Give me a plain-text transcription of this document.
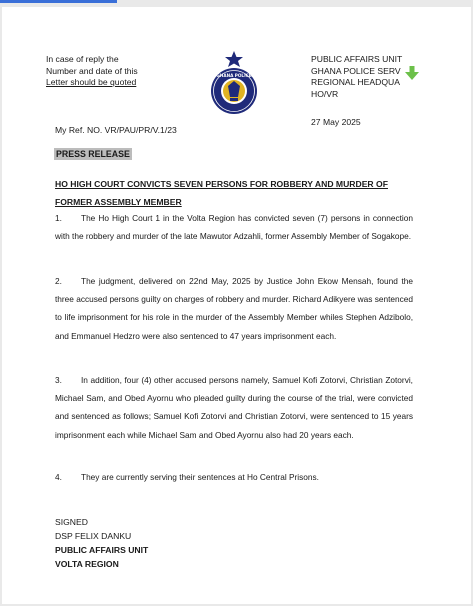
In case of reply the
Number and date of this
Letter should be quoted
GHANA POLICE
PUBLIC AFFAIRS UNIT
GHANA POLICE SERV
REGIONAL HEADQUA
HO/VR
27 May 2025
My Ref. NO. VR/PAU/PR/V.1/23
PRESS RELEASE
HO HIGH COURT CONVICTS SEVEN PERSONS FOR ROBBERY AND MURDER OF FORMER ASSEMBLY MEMBER
1. The Ho High Court 1 in the Volta Region has convicted seven (7) persons in connection with the robbery and murder of the late Mawutor Adzahli, former Assembly Member of Sogakope.
2. The judgment, delivered on 22nd May, 2025 by Justice John Ekow Mensah, found the three accused persons guilty on charges of robbery and murder. Richard Adikyere was sentenced to life imprisonment for his role in the murder of the Assembly Member whiles Stephen Adzibolo, and Emmanuel Hedzro were also sentenced to 47 years imprisonment each.
3. In addition, four (4) other accused persons namely, Samuel Kofi Zotorvi, Christian Zotorvi, Michael Sam, and Obed Ayornu who pleaded guilty during the course of the trial, were convicted and sentenced as follows; Samuel Kofi Zotorvi and Christian Zotorvi, were sentenced to 15 years imprisonment each while Michael Sam and Obed Ayornu also had 20 years each.
4. They are currently serving their sentences at Ho Central Prisons.
SIGNED
DSP FELIX DANKU
PUBLIC AFFAIRS UNIT
VOLTA REGION
